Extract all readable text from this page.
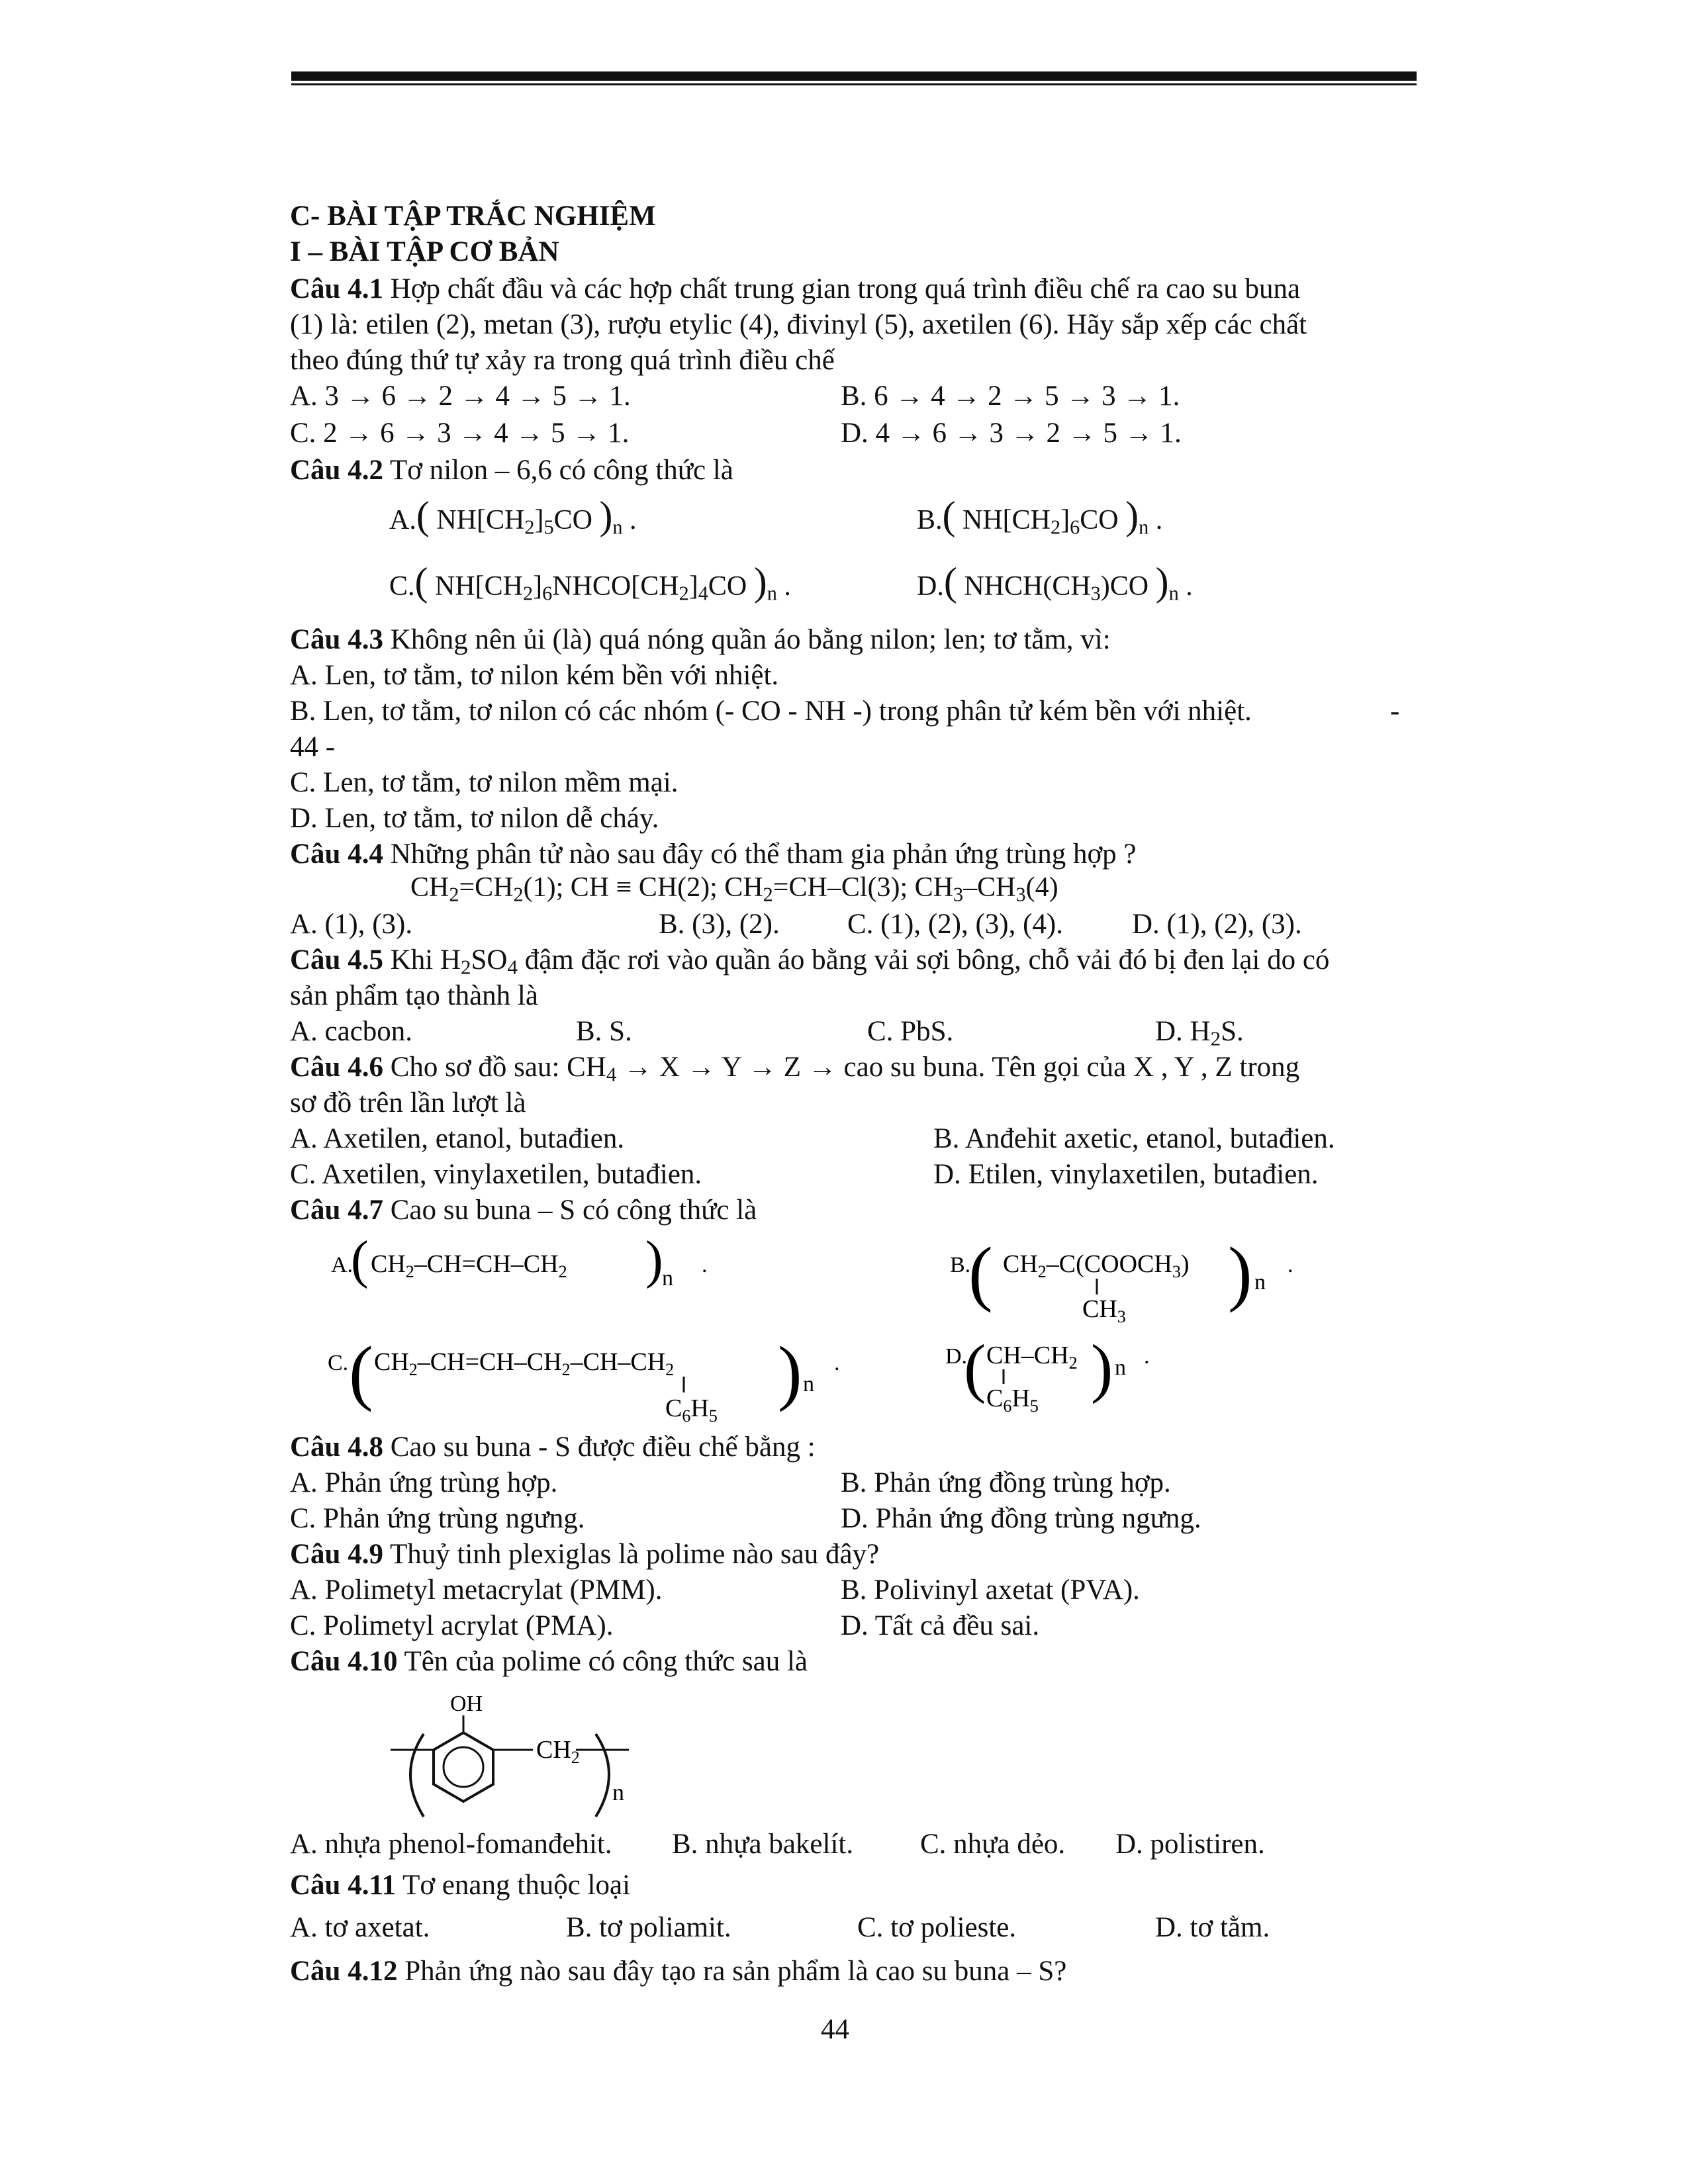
C- BÀI TẬP TRẮC NGHIỆM
I – BÀI TẬP CƠ BẢN
Câu 4.1 Hợp chất đầu và các hợp chất trung gian trong quá trình điều chế ra cao su buna
(1) là: etilen (2), metan (3), rượu etylic (4), đivinyl (5), axetilen (6). Hãy sắp xếp các chất
theo đúng thứ tự xảy ra trong quá trình điều chế
A. 3 → 6 → 2 → 4 → 5 → 1.	B. 6 → 4 → 2 → 5 → 3 → 1.
C. 2 → 6 → 3 → 4 → 5 → 1.	D. 4 → 6 → 3 → 2 → 5 → 1.
Câu 4.2 Tơ nilon – 6,6 có công thức là
A.( $NH[CH_2]_5CO$ )$_n$ .	B.( $NH[CH_2]_6CO$ )$_n$ .
C.( $NH[CH_2]_6NHCO[CH_2]_4CO$ )$_n$ .	D.( $NHCH(CH_3)CO$ )$_n$ .
Câu 4.3 Không nên ủi (là) quá nóng quần áo bằng nilon; len; tơ tằm, vì:
A. Len, tơ tằm, tơ nilon kém bền với nhiệt.
B. Len, tơ tằm, tơ nilon có các nhóm (- CO - NH -) trong phân tử kém bền với nhiệt.	-
44 -
C. Len, tơ tằm, tơ nilon mềm mại.
D. Len, tơ tằm, tơ nilon dễ cháy.
Câu 4.4 Những phân tử nào sau đây có thể tham gia phản ứng trùng hợp ?
$CH_2=CH_2(1)$; CH ≡ CH(2); $CH_2=CH-Cl(3)$; $CH_3-CH_3(4)$
A. (1), (3).	B. (3), (2). C. (1), (2), (3), (4). D. (1), (2), (3).
Câu 4.5 Khi $H_2SO_4$ đậm đặc rơi vào quần áo bằng vải sợi bông, chỗ vải đó bị đen lại do có
sản phẩm tạo thành là
A. cacbon.	B. S.	C. PbS.	D. $H_2S$.
Câu 4.6 Cho sơ đồ sau: $CH_4 \to X \to Y \to Z$ → cao su buna. Tên gọi của X , Y , Z trong
sơ đồ trên lần lượt là
A. Axetilen, etanol, butađien.	B. Anđehit axetic, etanol, butađien.
C. Axetilen, vinylaxetilen, butađien.	D. Etilen, vinylaxetilen, butađien.
Câu 4.7 Cao su buna – S có công thức là
A.
( $CH_2-CH=CH-CH_2$ )
n
.	B.
( $CH_2-C(COOCH_3)$
$CH_3$
) n
.
C. ( $CH_2-CH=CH-CH_2-CH-CH_2$
$C_6H_5$
) n
.	D.
( $CH-CH_2$
$C_6H_5$
) n .
Câu 4.8 Cao su buna - S được điều chế bằng :
A. Phản ứng trùng hợp.	B. Phản ứng đồng trùng hợp.
C. Phản ứng trùng ngưng.	D. Phản ứng đồng trùng ngưng.
Câu 4.9 Thuỷ tinh plexiglas là polime nào sau đây?
A. Polimetyl metacrylat (PMM).	B. Polivinyl axetat (PVA).
C. Polimetyl acrylat (PMA).	D. Tất cả đều sai.
Câu 4.10 Tên của polime có công thức sau là
OH
$CH_2$
n
A. nhựa phenol-fomanđehit. B. nhựa bakelít. C. nhựa dẻo. D. polistiren.
Câu 4.11 Tơ enang thuộc loại
A. tơ axetat.	B. tơ poliamit.	C. tơ polieste.	D. tơ tằm.
Câu 4.12 Phản ứng nào sau đây tạo ra sản phẩm là cao su buna – S?
44
